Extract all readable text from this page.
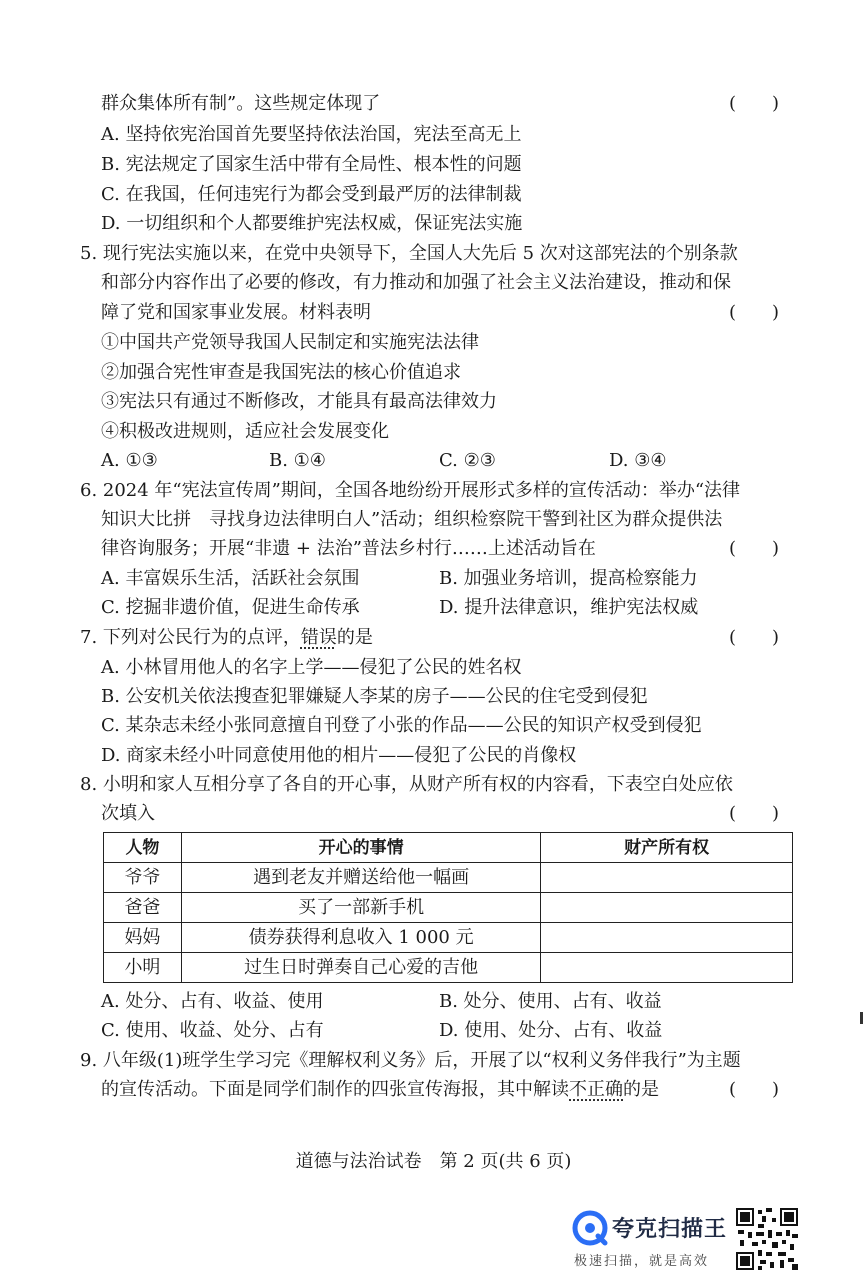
群众集体所有制”。这些规定体现了	(　　)
A. 坚持依宪治国首先要坚持依法治国，宪法至高无上
B. 宪法规定了国家生活中带有全局性、根本性的问题
C. 在我国，任何违宪行为都会受到最严厉的法律制裁
D. 一切组织和个人都要维护宪法权威，保证宪法实施
5. 现行宪法实施以来，在党中央领导下，全国人大先后 5 次对这部宪法的个别条款
和部分内容作出了必要的修改，有力推动和加强了社会主义法治建设，推动和保
障了党和国家事业发展。材料表明	(　　)
①中国共产党领导我国人民制定和实施宪法法律
②加强合宪性审查是我国宪法的核心价值追求
③宪法只有通过不断修改，才能具有最高法律效力
④积极改进规则，适应社会发展变化
A. ①③	B. ①④	C. ②③	D. ③④
6. 2024 年“宪法宣传周”期间，全国各地纷纷开展形式多样的宣传活动：举办“法律
知识大比拼　寻找身边法律明白人”活动；组织检察院干警到社区为群众提供法
律咨询服务；开展“非遗 + 法治”普法乡村行……上述活动旨在	(　　)
A. 丰富娱乐生活，活跃社会氛围	B. 加强业务培训，提高检察能力
C. 挖掘非遗价值，促进生命传承	D. 提升法律意识，维护宪法权威
7. 下列对公民行为的点评，错误的是	(　　)
A. 小林冒用他人的名字上学——侵犯了公民的姓名权
B. 公安机关依法搜查犯罪嫌疑人李某的房子——公民的住宅受到侵犯
C. 某杂志未经小张同意擅自刊登了小张的作品——公民的知识产权受到侵犯
D. 商家未经小叶同意使用他的相片——侵犯了公民的肖像权
8. 小明和家人互相分享了各自的开心事，从财产所有权的内容看，下表空白处应依
次填入	(　　)
人物	开心的事情	财产所有权
爷爷	遇到老友并赠送给他一幅画	
爸爸	买了一部新手机	
妈妈	债券获得利息收入 1 000 元	
小明	过生日时弹奏自己心爱的吉他	
A. 处分、占有、收益、使用	B. 处分、使用、占有、收益
C. 使用、收益、处分、占有	D. 使用、处分、占有、收益
9. 八年级(1)班学生学习完《理解权利义务》后，开展了以“权利义务伴我行”为主题
的宣传活动。下面是同学们制作的四张宣传海报，其中解读不正确的是	(　　)
道德与法治试卷　第 2 页(共 6 页)
夸克扫描王
极速扫描，就是高效
